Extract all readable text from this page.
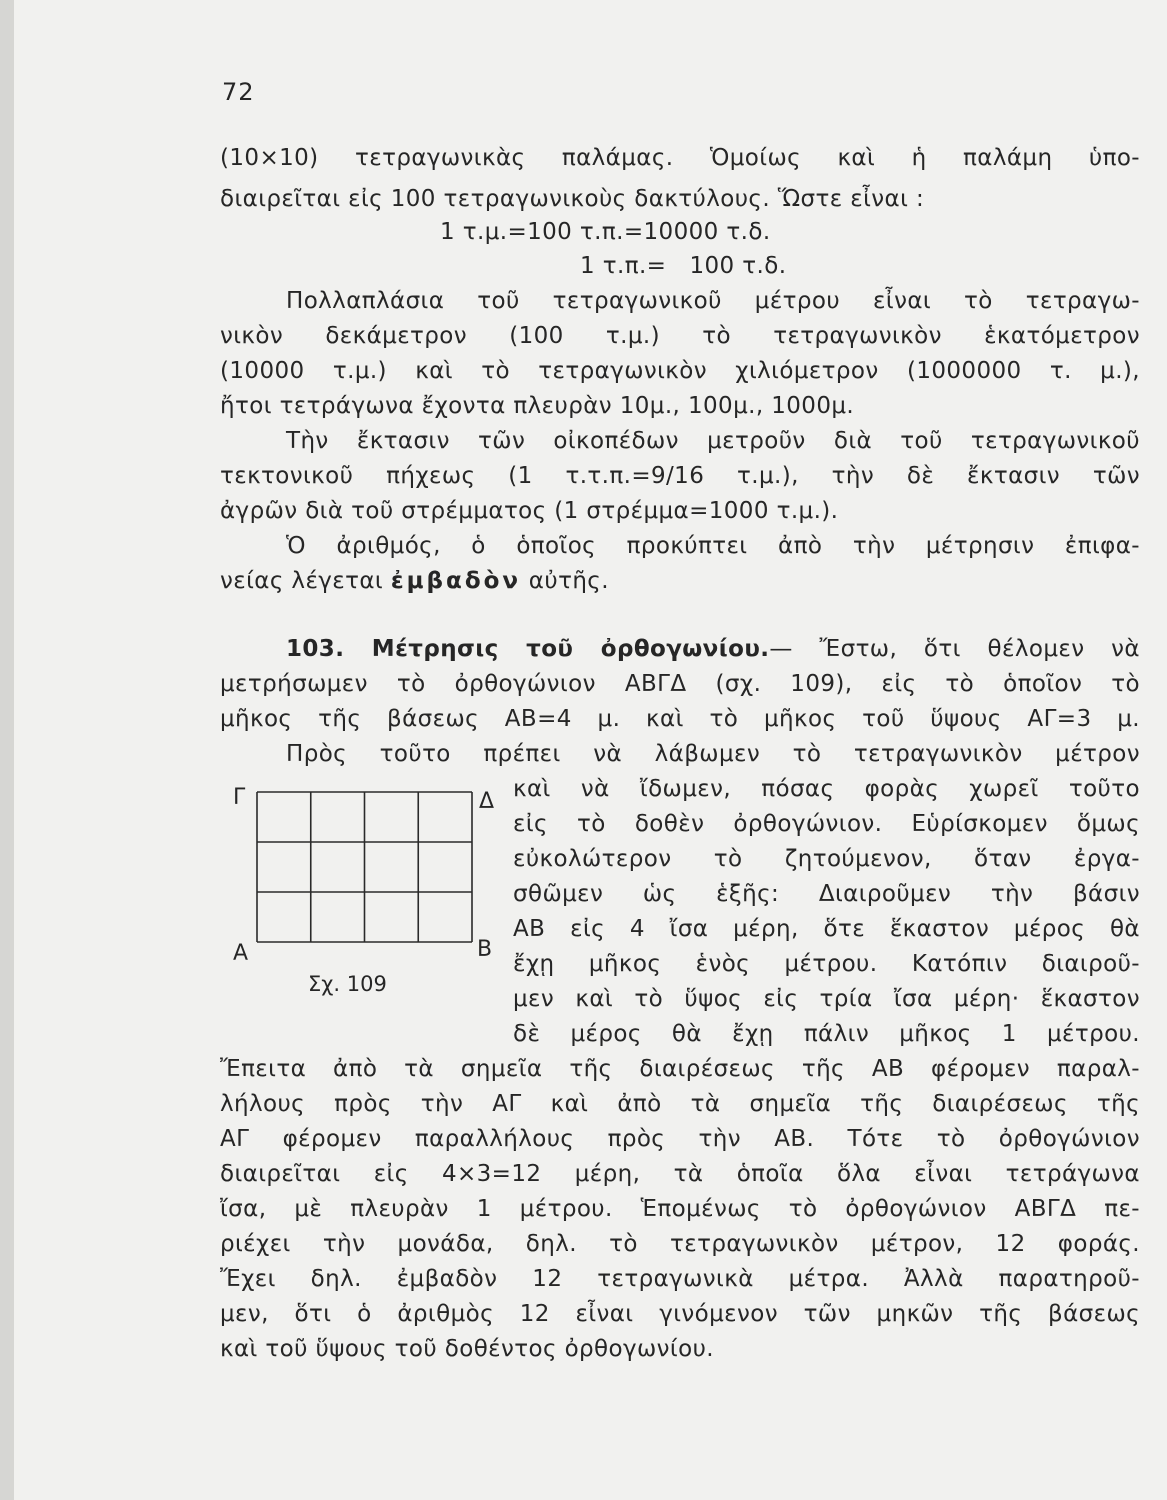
72
(10×10) τετραγωνικὰς παλάμας. Ὁμοίως καὶ ἡ παλάμη ὑπο-
διαιρεῖται εἰς 100 τετραγωνικοὺς δακτύλους. Ὥστε εἶναι :
1 τ.μ.=100 τ.π.=10000 τ.δ.
1 τ.π.=   100 τ.δ.
Πολλαπλάσια τοῦ τετραγωνικοῦ μέτρου εἶναι τὸ τετραγω-
νικὸν δεκάμετρον (100 τ.μ.) τὸ τετραγωνικὸν ἑκατόμετρον
(10000 τ.μ.) καὶ τὸ τετραγωνικὸν χιλιόμετρον (1000000 τ. μ.),
ἤτοι τετράγωνα ἔχοντα πλευρὰν 10μ., 100μ., 1000μ.
Τὴν ἔκτασιν τῶν οἰκοπέδων μετροῦν διὰ τοῦ τετραγωνικοῦ
τεκτονικοῦ πήχεως (1 τ.τ.π.=9/16 τ.μ.), τὴν δὲ ἔκτασιν τῶν
ἀγρῶν διὰ τοῦ στρέμματος (1 στρέμμα=1000 τ.μ.).
Ὁ ἀριθμός, ὁ ὁποῖος προκύπτει ἀπὸ τὴν μέτρησιν ἐπιφα-
νείας λέγεται ἐμβαδὸν αὐτῆς.
103. Μέτρησις τοῦ ὀρθογωνίου.— Ἔστω, ὅτι θέλομεν νὰ
μετρήσωμεν τὸ ὀρθογώνιον ΑΒΓΔ (σχ. 109), εἰς τὸ ὁποῖον τὸ
μῆκος τῆς βάσεως ΑΒ=4 μ. καὶ τὸ μῆκος τοῦ ὕψους ΑΓ=3 μ.
Πρὸς τοῦτο πρέπει νὰ λάβωμεν τὸ τετραγωνικὸν μέτρον
καὶ νὰ ἴδωμεν, πόσας φορὰς χωρεῖ τοῦτο
εἰς τὸ δοθὲν ὀρθογώνιον. Εὑρίσκομεν ὅμως
εὐκολώτερον τὸ ζητούμενον, ὅταν ἐργα-
σθῶμεν ὡς ἑξῆς: Διαιροῦμεν τὴν βάσιν
ΑΒ εἰς 4 ἴσα μέρη, ὅτε ἕκαστον μέρος θὰ
ἔχῃ μῆκος ἑνὸς μέτρου. Κατόπιν διαιροῦ-
μεν καὶ τὸ ὕψος εἰς τρία ἴσα μέρη· ἕκαστον
δὲ μέρος θὰ ἔχῃ πάλιν μῆκος 1 μέτρου.
Γ	Δ
Α	Β
Σχ. 109
Ἔπειτα ἀπὸ τὰ σημεῖα τῆς διαιρέσεως τῆς ΑΒ φέρομεν παραλ-
λήλους πρὸς τὴν ΑΓ καὶ ἀπὸ τὰ σημεῖα τῆς διαιρέσεως τῆς
ΑΓ φέρομεν παραλλήλους πρὸς τὴν ΑΒ. Τότε τὸ ὀρθογώνιον
διαιρεῖται εἰς 4×3=12 μέρη, τὰ ὁποῖα ὅλα εἶναι τετράγωνα
ἴσα, μὲ πλευρὰν 1 μέτρου. Ἑπομένως τὸ ὀρθογώνιον ΑΒΓΔ πε-
ριέχει τὴν μονάδα, δηλ. τὸ τετραγωνικὸν μέτρον, 12 φοράς.
Ἔχει δηλ. ἐμβαδὸν 12 τετραγωνικὰ μέτρα. Ἀλλὰ παρατηροῦ-
μεν, ὅτι ὁ ἀριθμὸς 12 εἶναι γινόμενον τῶν μηκῶν τῆς βάσεως
καὶ τοῦ ὕψους τοῦ δοθέντος ὀρθογωνίου.
